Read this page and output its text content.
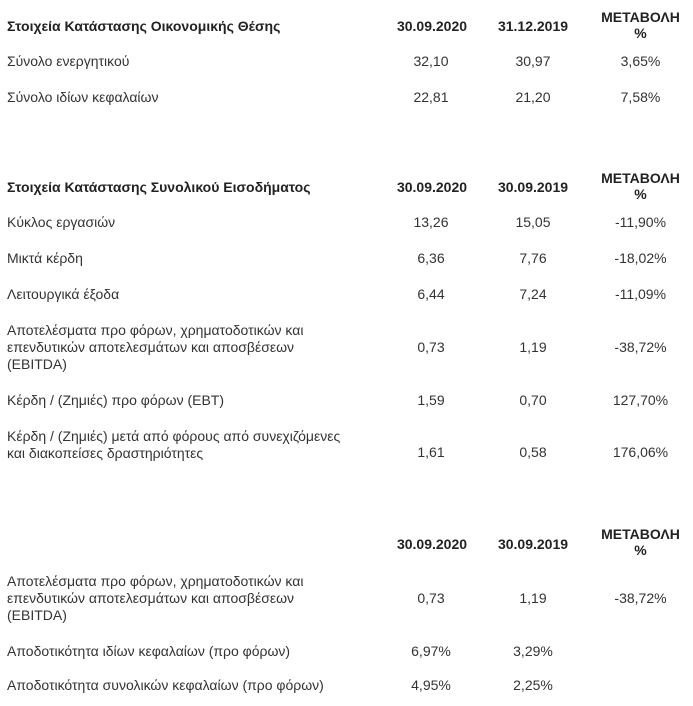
Στοιχεία Κατάστασης Οικονομικής Θέσης	30.09.2020	31.12.2019	ΜΕΤΑΒΟΛΗ
%
Σύνολο ενεργητικού	32,10	30,97	3,65%
Σύνολο ιδίων κεφαλαίων	22,81	21,20	7,58%
Στοιχεία Κατάστασης Συνολικού Εισοδήματος	30.09.2020	30.09.2019	ΜΕΤΑΒΟΛΗ
%
Κύκλος εργασιών	13,26	15,05	-11,90%
Μικτά κέρδη	6,36	7,76	-18,02%
Λειτουργικά έξοδα	6,44	7,24	-11,09%
Αποτελέσματα προ φόρων, χρηματοδοτικών και
επενδυτικών αποτελεσμάτων και αποσβέσεων
(EBITDA)	0,73	1,19	-38,72%
Κέρδη / (Ζημιές) προ φόρων (EBT)	1,59	0,70	127,70%
Κέρδη / (Ζημιές) μετά από φόρους από συνεχιζόμενες
και διακοπείσες δραστηριότητες	1,61	0,58	176,06%
	30.09.2020	30.09.2019	ΜΕΤΑΒΟΛΗ
%
Αποτελέσματα προ φόρων, χρηματοδοτικών και
επενδυτικών αποτελεσμάτων και αποσβέσεων
(EBITDA)	0,73	1,19	-38,72%
Αποδοτικότητα ιδίων κεφαλαίων (προ φόρων)	6,97%	3,29%	
Αποδοτικότητα συνολικών κεφαλαίων (προ φόρων)	4,95%	2,25%	
